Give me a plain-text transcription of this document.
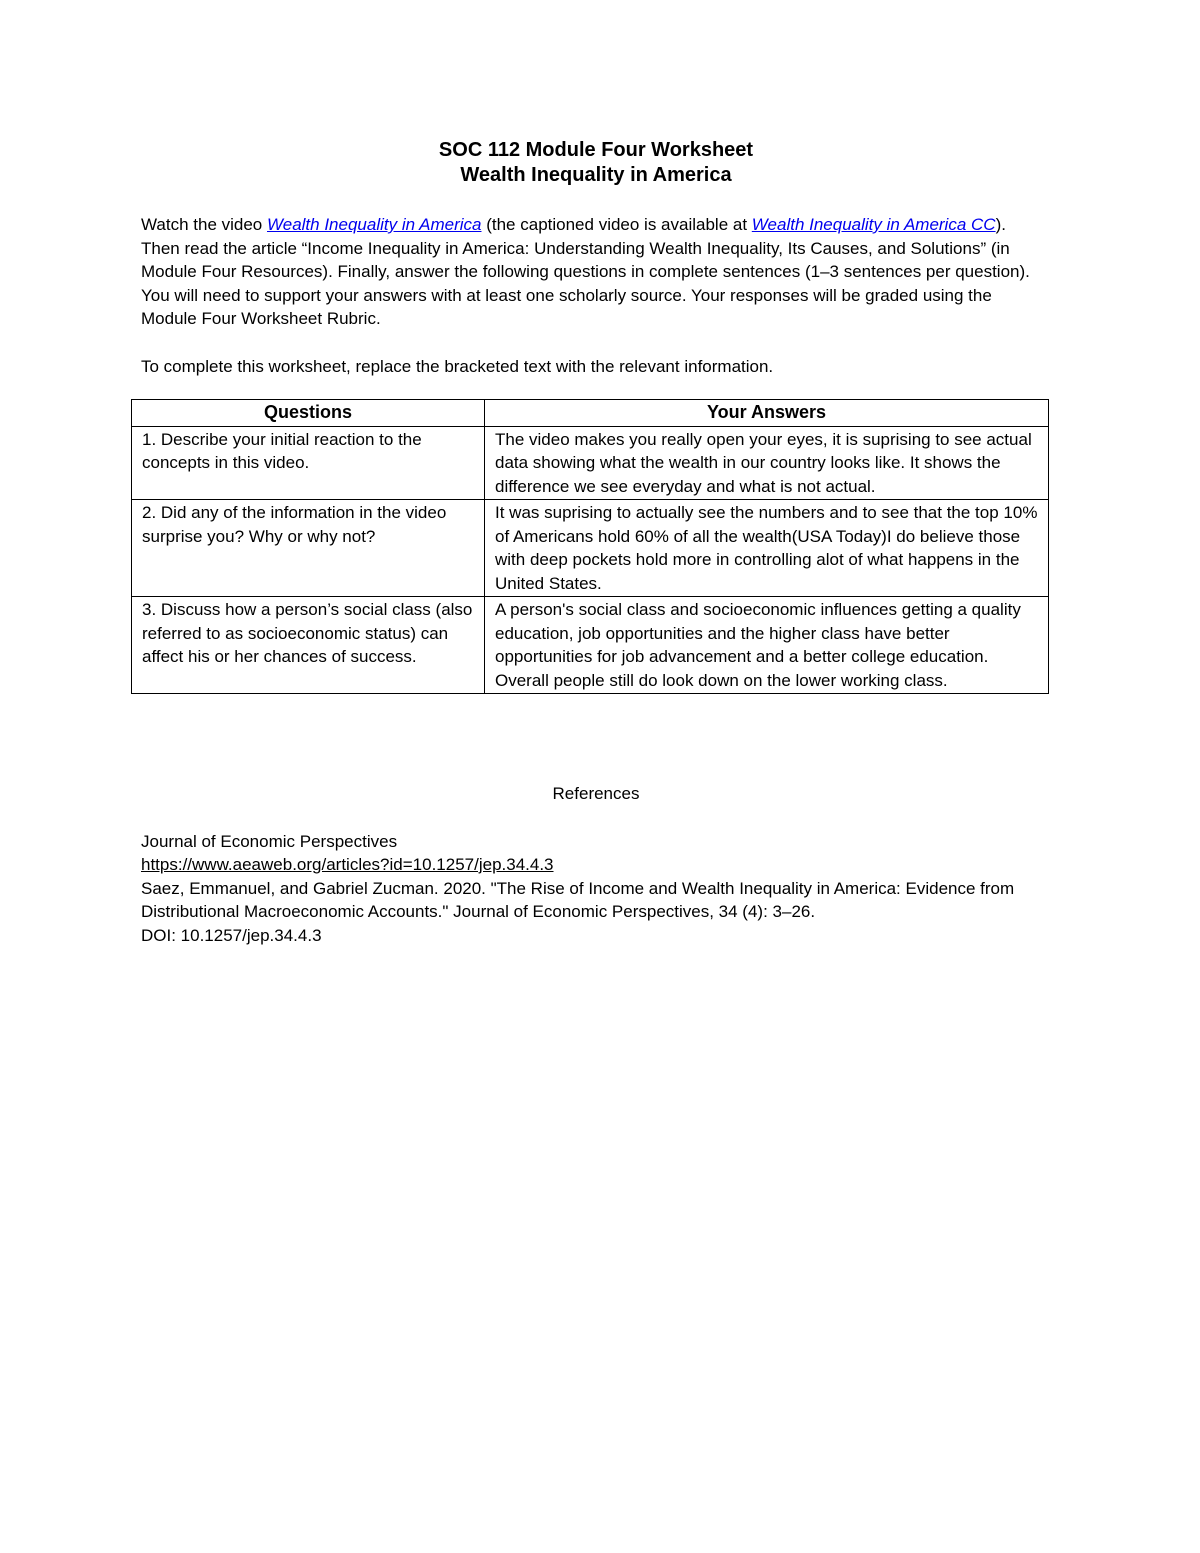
SOC 112 Module Four Worksheet
Wealth Inequality in America

Watch the video Wealth Inequality in America (the captioned video is available at Wealth Inequality in America CC). Then read the article “Income Inequality in America: Understanding Wealth Inequality, Its Causes, and Solutions” (in Module Four Resources). Finally, answer the following questions in complete sentences (1–3 sentences per question). You will need to support your answers with at least one scholarly source. Your responses will be graded using the Module Four Worksheet Rubric.

To complete this worksheet, replace the bracketed text with the relevant information.

Questions	Your Answers
1. Describe your initial reaction to the concepts in this video.	The video makes you really open your eyes, it is suprising to see actual data showing what the wealth in our country looks like. It shows the difference we see everyday and what is not actual.
2. Did any of the information in the video surprise you? Why or why not?	It was suprising to actually see the numbers and to see that the top 10% of Americans hold 60% of all the wealth(USA Today)I do believe those with deep pockets hold more in controlling alot of what happens in the United States.
3. Discuss how a person’s social class (also referred to as socioeconomic status) can affect his or her chances of success.	A person's social class and socioeconomic influences getting a quality education, job opportunities and the higher class have better opportunities for job advancement and a better college education. Overall people still do look down on the lower working class.

References

Journal of Economic Perspectives

https://www.aeaweb.org/articles?id=10.1257/jep.34.4.3

Saez, Emmanuel, and Gabriel Zucman. 2020. "The Rise of Income and Wealth Inequality in America: Evidence from Distributional Macroeconomic Accounts." Journal of Economic Perspectives, 34 (4): 3–26.

DOI: 10.1257/jep.34.4.3
